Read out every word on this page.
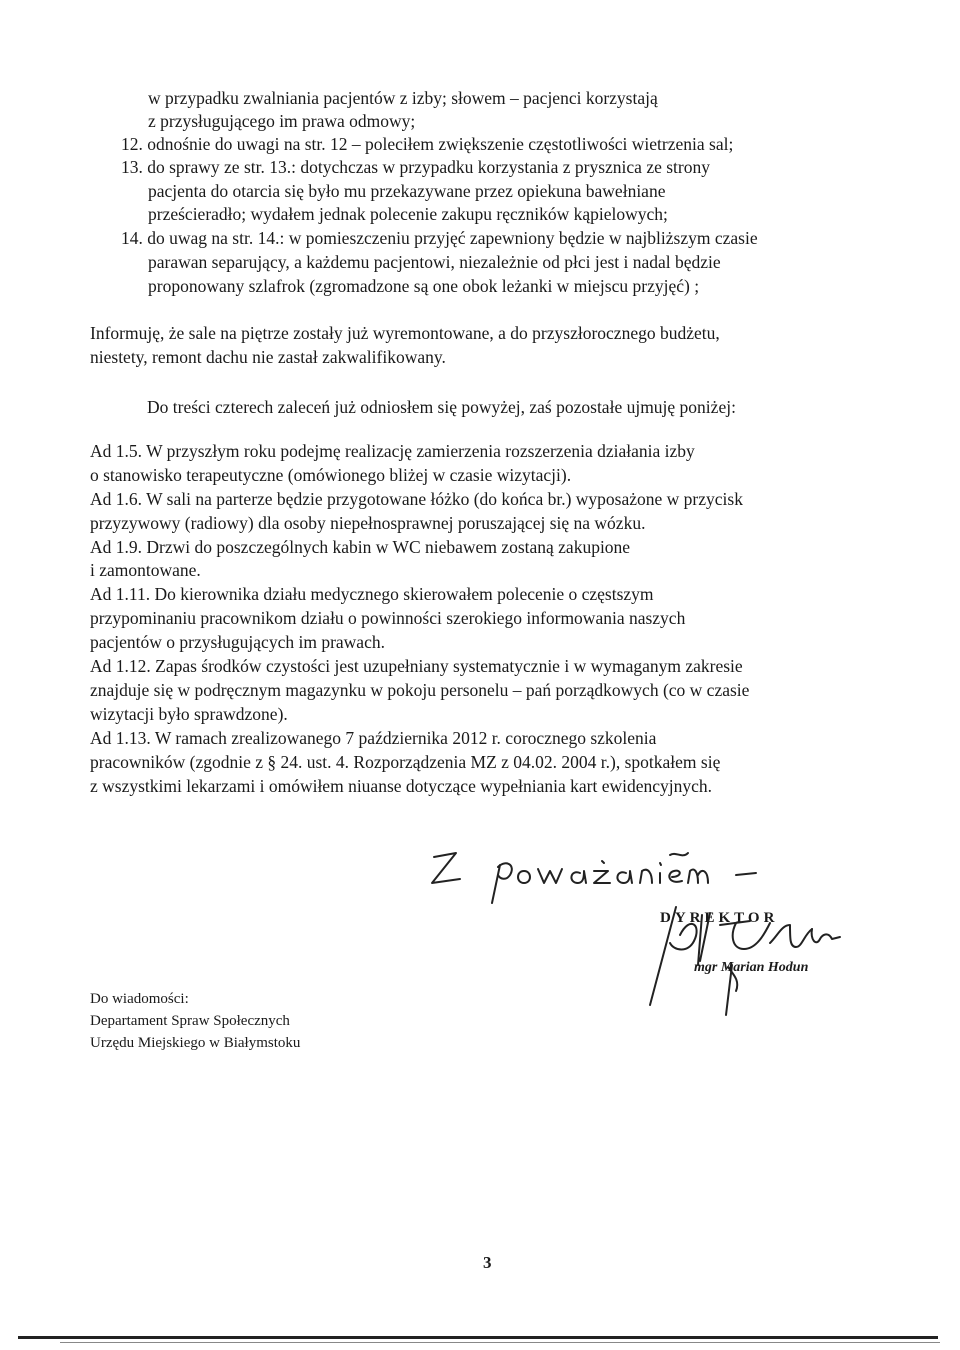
w przypadku zwalniania pacjentów z izby; słowem – pacjenci korzystają
z przysługującego im prawa odmowy;
12. odnośnie do uwagi na str. 12 – poleciłem zwiększenie częstotliwości wietrzenia sal;
13. do sprawy ze str. 13.: dotychczas w przypadku korzystania z prysznica ze strony
pacjenta do otarcia się było mu przekazywane przez opiekuna bawełniane
prześcieradło; wydałem jednak polecenie zakupu ręczników kąpielowych;
14. do uwag na str. 14.: w pomieszczeniu przyjęć zapewniony będzie w najbliższym czasie
parawan separujący, a każdemu pacjentowi, niezależnie od płci jest i nadal będzie
proponowany szlafrok (zgromadzone są one obok leżanki w miejscu przyjęć) ;
Informuję, że sale na piętrze zostały już wyremontowane, a do przyszłorocznego budżetu,
niestety, remont dachu nie zastał zakwalifikowany.
Do treści czterech zaleceń już odniosłem się powyżej, zaś pozostałe ujmuję poniżej:
Ad 1.5. W przyszłym roku podejmę realizację zamierzenia rozszerzenia działania izby
o stanowisko terapeutyczne (omówionego bliżej w czasie wizytacji).
Ad 1.6. W sali na parterze będzie przygotowane łóżko (do końca br.) wyposażone w przycisk
przyzywowy (radiowy) dla osoby niepełnosprawnej poruszającej się na wózku.
Ad 1.9. Drzwi do poszczególnych kabin w WC niebawem zostaną zakupione
i zamontowane.
Ad 1.11. Do kierownika działu medycznego skierowałem polecenie o częstszym
przypominaniu pracownikom działu o powinności szerokiego informowania naszych
pacjentów o przysługujących im prawach.
Ad 1.12. Zapas środków czystości jest uzupełniany systematycznie i w wymaganym zakresie
znajduje się w podręcznym magazynku w pokoju personelu – pań porządkowych (co w czasie
wizytacji było sprawdzone).
Ad 1.13. W ramach zrealizowanego 7 października 2012 r. corocznego szkolenia
pracowników (zgodnie z § 24. ust. 4. Rozporządzenia MZ z 04.02. 2004 r.), spotkałem się
z wszystkimi lekarzami i omówiłem niuanse dotyczące wypełniania kart ewidencyjnych.
DYREKTOR
mgr Marian Hodun
Do wiadomości:
Departament Spraw Społecznych
Urzędu Miejskiego w Białymstoku
3
